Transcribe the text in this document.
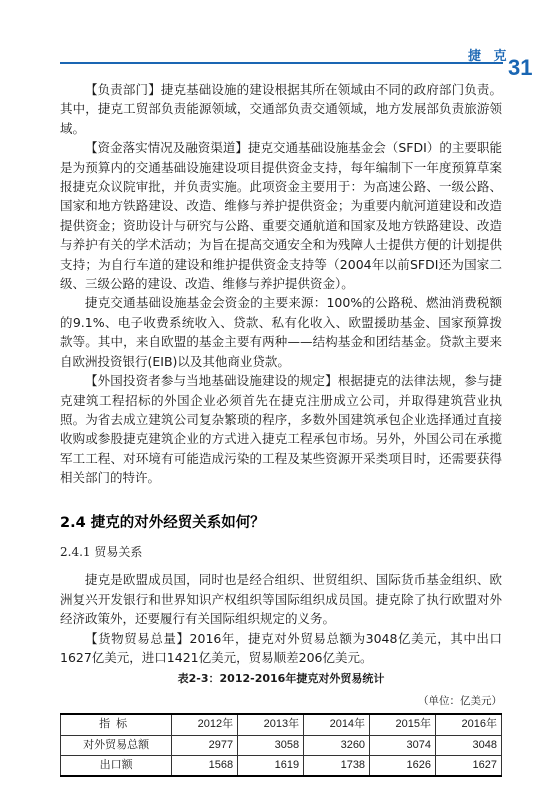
捷 克
31

【负责部门】捷克基础设施的建设根据其所在领域由不同的政府部门负责。其中，捷克工贸部负责能源领域，交通部负责交通领域，地方发展部负责旅游领域。

【资金落实情况及融资渠道】捷克交通基础设施基金会（SFDI）的主要职能是为预算内的交通基础设施建设项目提供资金支持，每年编制下一年度预算草案报捷克众议院审批，并负责实施。此项资金主要用于：为高速公路、一级公路、国家和地方铁路建设、改造、维修与养护提供资金；为重要内航河道建设和改造提供资金；资助设计与研究与公路、重要交通航道和国家及地方铁路建设、改造与养护有关的学术活动；为旨在提高交通安全和为残障人士提供方便的计划提供支持；为自行车道的建设和维护提供资金支持等（2004年以前SFDI还为国家二级、三级公路的建设、改造、维修与养护提供资金）。

捷克交通基础设施基金会资金的主要来源：100%的公路税、燃油消费税额的9.1%、电子收费系统收入、贷款、私有化收入、欧盟援助基金、国家预算拨款等。其中，来自欧盟的基金主要有两种——结构基金和团结基金。贷款主要来自欧洲投资银行(EIB)以及其他商业贷款。

【外国投资者参与当地基础设施建设的规定】根据捷克的法律法规，参与捷克建筑工程招标的外国企业必须首先在捷克注册成立公司，并取得建筑营业执照。为省去成立建筑公司复杂繁琐的程序，多数外国建筑承包企业选择通过直接收购或参股捷克建筑企业的方式进入捷克工程承包市场。另外，外国公司在承揽军工工程、对环境有可能造成污染的工程及某些资源开采类项目时，还需要获得相关部门的特许。

2.4 捷克的对外经贸关系如何？
2.4.1 贸易关系

捷克是欧盟成员国，同时也是经合组织、世贸组织、国际货币基金组织、欧洲复兴开发银行和世界知识产权组织等国际组织成员国。捷克除了执行欧盟对外经济政策外，还要履行有关国际组织规定的义务。

【货物贸易总量】2016年，捷克对外贸易总额为3048亿美元，其中出口1627亿美元，进口1421亿美元，贸易顺差206亿美元。

表2-3：2012-2016年捷克对外贸易统计
（单位：亿美元）
指标	2012年	2013年	2014年	2015年	2016年
对外贸易总额	2977	3058	3260	3074	3048
出口额	1568	1619	1738	1626	1627
